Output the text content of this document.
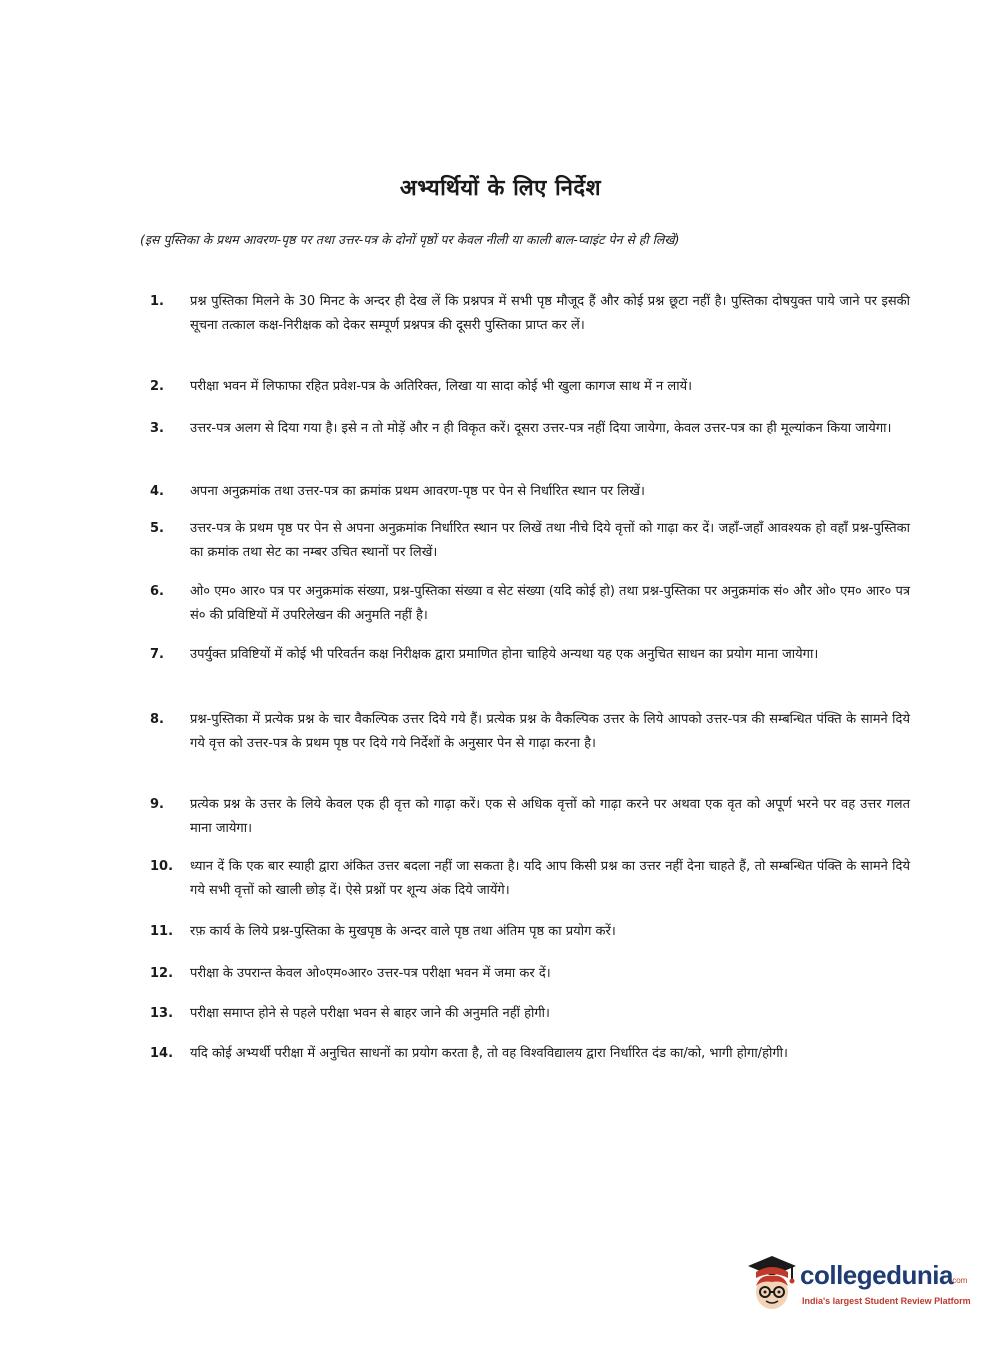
अभ्यर्थियों के लिए निर्देश
(इस पुस्तिका के प्रथम आवरण-पृष्ठ पर तथा उत्तर-पत्र के दोनों पृष्ठों पर केवल नीली या काली बाल-प्वाइंट पेन से ही लिखें)
1.	प्रश्न पुस्तिका मिलने के 30 मिनट के अन्दर ही देख लें कि प्रश्नपत्र में सभी पृष्ठ मौजूद हैं और कोई प्रश्न छूटा नहीं है। पुस्तिका दोषयुक्त पाये जाने पर इसकी सूचना तत्काल कक्ष-निरीक्षक को देकर सम्पूर्ण प्रश्नपत्र की दूसरी पुस्तिका प्राप्त कर लें।
2.	परीक्षा भवन में लिफाफा रहित प्रवेश-पत्र के अतिरिक्त, लिखा या सादा कोई भी खुला कागज साथ में न लायें।
3.	उत्तर-पत्र अलग से दिया गया है। इसे न तो मोड़ें और न ही विकृत करें। दूसरा उत्तर-पत्र नहीं दिया जायेगा, केवल उत्तर-पत्र का ही मूल्यांकन किया जायेगा।
4.	अपना अनुक्रमांक तथा उत्तर-पत्र का क्रमांक प्रथम आवरण-पृष्ठ पर पेन से निर्धारित स्थान पर लिखें।
5.	उत्तर-पत्र के प्रथम पृष्ठ पर पेन से अपना अनुक्रमांक निर्धारित स्थान पर लिखें तथा नीचे दिये वृत्तों को गाढ़ा कर दें। जहाँ-जहाँ आवश्यक हो वहाँ प्रश्न-पुस्तिका का क्रमांक तथा सेट का नम्बर उचित स्थानों पर लिखें।
6.	ओ० एम० आर० पत्र पर अनुक्रमांक संख्या, प्रश्न-पुस्तिका संख्या व सेट संख्या (यदि कोई हो) तथा प्रश्न-पुस्तिका पर अनुक्रमांक सं० और ओ० एम० आर० पत्र सं० की प्रविष्टियों में उपरिलेखन की अनुमति नहीं है।
7.	उपर्युक्त प्रविष्टियों में कोई भी परिवर्तन कक्ष निरीक्षक द्वारा प्रमाणित होना चाहिये अन्यथा यह एक अनुचित साधन का प्रयोग माना जायेगा।
8.	प्रश्न-पुस्तिका में प्रत्येक प्रश्न के चार वैकल्पिक उत्तर दिये गये हैं। प्रत्येक प्रश्न के वैकल्पिक उत्तर के लिये आपको उत्तर-पत्र की सम्बन्धित पंक्ति के सामने दिये गये वृत्त को उत्तर-पत्र के प्रथम पृष्ठ पर दिये गये निर्देशों के अनुसार पेन से गाढ़ा करना है।
9.	प्रत्येक प्रश्न के उत्तर के लिये केवल एक ही वृत्त को गाढ़ा करें। एक से अधिक वृत्तों को गाढ़ा करने पर अथवा एक वृत को अपूर्ण भरने पर वह उत्तर गलत माना जायेगा।
10.	ध्यान दें कि एक बार स्याही द्वारा अंकित उत्तर बदला नहीं जा सकता है। यदि आप किसी प्रश्न का उत्तर नहीं देना चाहते हैं, तो सम्बन्धित पंक्ति के सामने दिये गये सभी वृत्तों को खाली छोड़ दें। ऐसे प्रश्नों पर शून्य अंक दिये जायेंगे।
11.	रफ़ कार्य के लिये प्रश्न-पुस्तिका के मुखपृष्ठ के अन्दर वाले पृष्ठ तथा अंतिम पृष्ठ का प्रयोग करें।
12.	परीक्षा के उपरान्त केवल ओ०एम०आर० उत्तर-पत्र परीक्षा भवन में जमा कर दें।
13.	परीक्षा समाप्त होने से पहले परीक्षा भवन से बाहर जाने की अनुमति नहीं होगी।
14.	यदि कोई अभ्यर्थी परीक्षा में अनुचित साधनों का प्रयोग करता है, तो वह विश्वविद्यालय द्वारा निर्धारित दंड का/को, भागी होगा/होगी।
collegedunia
.com
India's largest Student Review Platform
